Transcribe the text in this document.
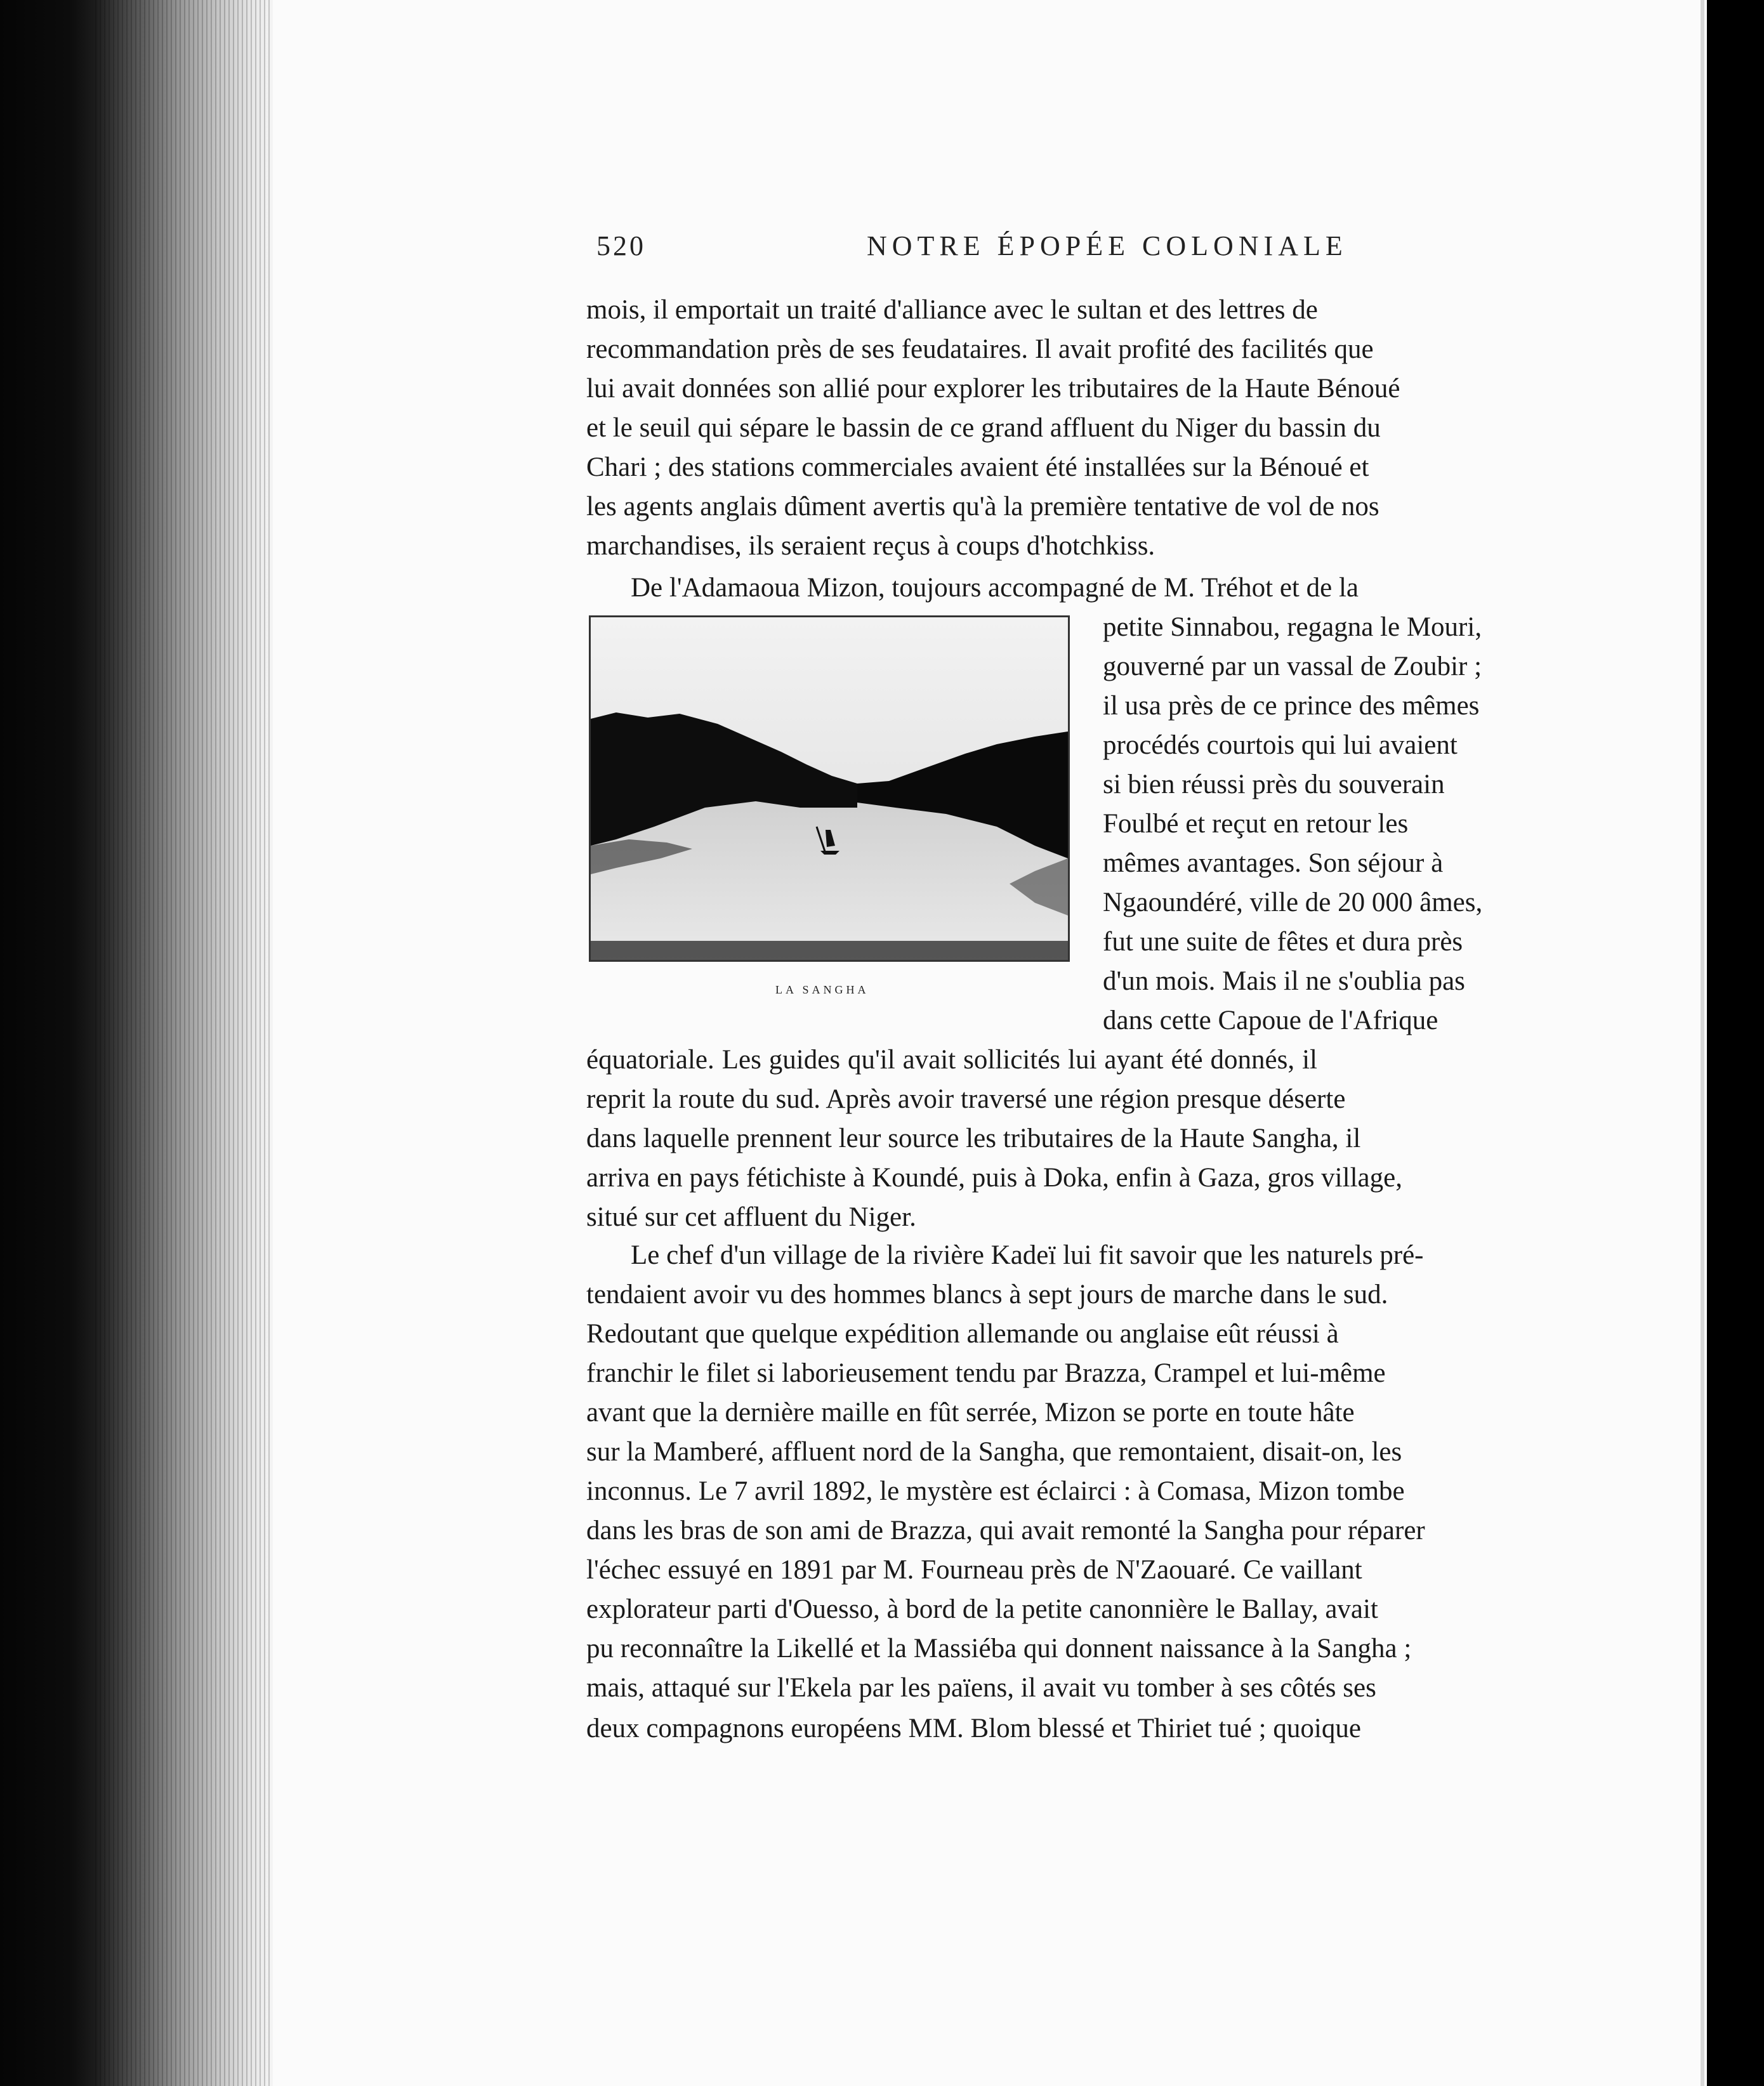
520	NOTRE ÉPOPÉE COLONIALE
mois, il emportait un traité d'alliance avec le sultan et des lettres de
recommandation près de ses feudataires. Il avait profité des facilités que
lui avait données son allié pour explorer les tributaires de la Haute Bénoué
et le seuil qui sépare le bassin de ce grand affluent du Niger du bassin du
Chari ; des stations commerciales avaient été installées sur la Bénoué et
les agents anglais dûment avertis qu'à la première tentative de vol de nos
marchandises, ils seraient reçus à coups d'hotchkiss.
De l'Adamaoua Mizon, toujours accompagné de M. Tréhot et de la
petite Sinnabou, regagna le Mouri,
gouverné par un vassal de Zoubir ;
il usa près de ce prince des mêmes
procédés courtois qui lui avaient
si bien réussi près du souverain
Foulbé et reçut en retour les
mêmes avantages. Son séjour à
Ngaoundéré, ville de 20 000 âmes,
fut une suite de fêtes et dura près
d'un mois. Mais il ne s'oublia pas
dans cette Capoue de l'Afrique
équatoriale. Les guides qu'il avait sollicités lui ayant été donnés, il
reprit la route du sud. Après avoir traversé une région presque déserte
dans laquelle prennent leur source les tributaires de la Haute Sangha, il
arriva en pays fétichiste à Koundé, puis à Doka, enfin à Gaza, gros village,
situé sur cet affluent du Niger.
Le chef d'un village de la rivière Kadeï lui fit savoir que les naturels pré-
tendaient avoir vu des hommes blancs à sept jours de marche dans le sud.
Redoutant que quelque expédition allemande ou anglaise eût réussi à
franchir le filet si laborieusement tendu par Brazza, Crampel et lui-même
avant que la dernière maille en fût serrée, Mizon se porte en toute hâte
sur la Mamberé, affluent nord de la Sangha, que remontaient, disait-on, les
inconnus. Le 7 avril 1892, le mystère est éclairci : à Comasa, Mizon tombe
dans les bras de son ami de Brazza, qui avait remonté la Sangha pour réparer
l'échec essuyé en 1891 par M. Fourneau près de N'Zaouaré. Ce vaillant
explorateur parti d'Ouesso, à bord de la petite canonnière le Ballay, avait
pu reconnaître la Likellé et la Massiéba qui donnent naissance à la Sangha ;
mais, attaqué sur l'Ekela par les païens, il avait vu tomber à ses côtés ses
deux compagnons européens MM. Blom blessé et Thiriet tué ; quoique
LA SANGHA
